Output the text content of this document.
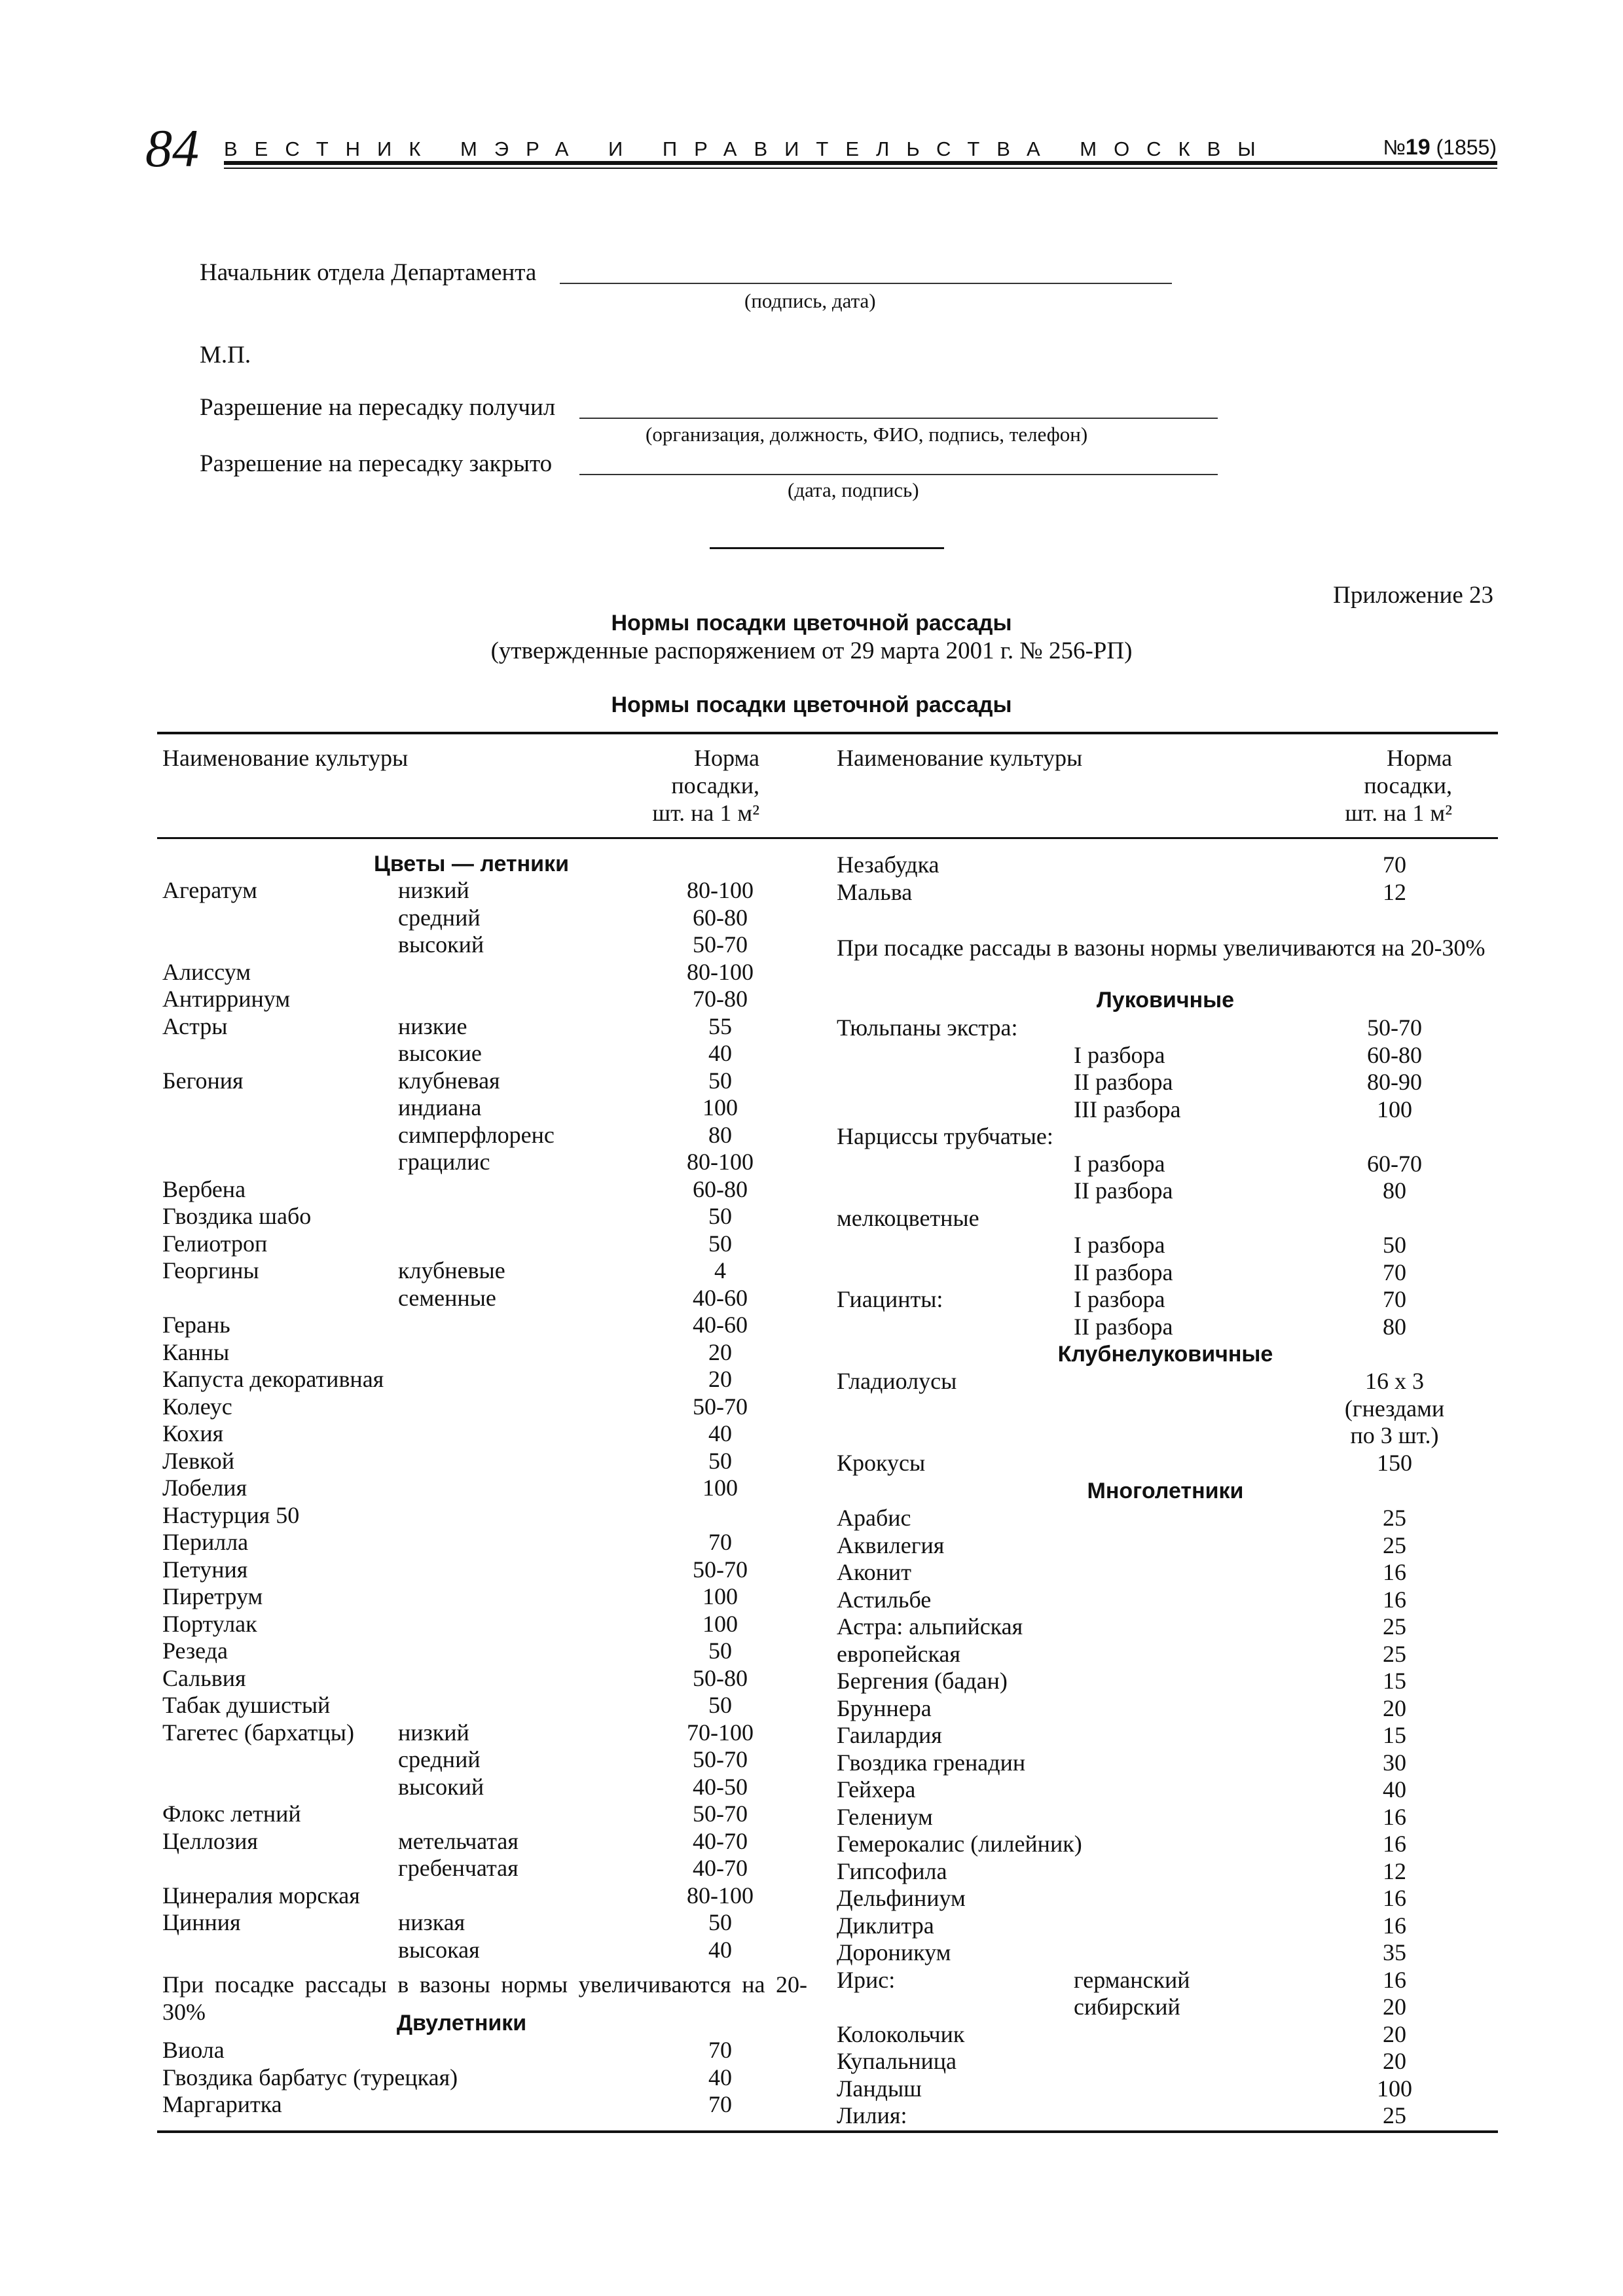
84 ВЕСТНИК МЭРА И ПРАВИТЕЛЬСТВА МОСКВЫ	№19 (1855)
Начальник отдела Департамента
(подпись, дата)
М.П.
Разрешение на пересадку получил
(организация, должность, ФИО, подпись, телефон)
Разрешение на пересадку закрыто
(дата, подпись)
Приложение 23
Нормы посадки цветочной рассады
(утвержденные распоряжением от 29 марта 2001 г. № 256-РП)
Нормы посадки цветочной рассады
Наименование культуры	Норма
посадки,
шт. на 1 м²
Наименование культуры	Норма
посадки,
шт. на 1 м²
Цветы — летники
Двулетники
Луковичные
Клубнелуковичные
Многолетники
При посадке рассады в вазоны нормы увеличиваются на 20-30%
При посадке рассады в вазоны нормы увеличиваются на 20-30%
Агератум	низкий	80-100
средний	60-80
высокий	50-70
Алиссум	80-100
Антирринум	70-80
Астры	низкие	55
высокие	40
Бегония	клубневая	50
индиана	100
симперфлоренс	80
грацилис	80-100
Вербена	60-80
Гвоздика шабо	50
Гелиотроп	50
Георгины	клубневые	4
семенные	40-60
Герань	40-60
Канны	20
Капуста декоративная	20
Колеус	50-70
Кохия	40
Левкой	50
Лобелия	100
Настурция 50
Перилла	70
Петуния	50-70
Пиретрум	100
Портулак	100
Резеда	50
Сальвия	50-80
Табак душистый	50
Тагетес (бархатцы) низкий	70-100
средний	50-70
высокий	40-50
Флокс летний	50-70
Целлозия	метельчатая	40-70
гребенчатая	40-70
Цинералия морская	80-100
Цинния	низкая	50
высокая	40
Виола	70
Гвоздика барбатус (турецкая)	40
Маргаритка	70
Незабудка	70
Мальва	12
Тюльпаны экстра:	50-70
I разбора	60-80
II разбора	80-90
III разбора	100
Нарциссы трубчатые:
I разбора	60-70
II разбора	80
мелкоцветные
I разбора	50
II разбора	70
Гиацинты:	I разбора	70
II разбора	80
Гладиолусы	16 х 3
(гнездами
по 3 шт.)
Крокусы	150
Арабис	25
Аквилегия	25
Аконит	16
Астильбе	16
Астра: альпийская	25
европейская	25
Бергения (бадан)	15
Бруннера	20
Гаилардия	15
Гвоздика гренадин	30
Гейхера	40
Гелениум	16
Гемерокалис (лилейник)	16
Гипсофила	12
Дельфиниум	16
Диклитра	16
Дороникум	35
Ирис:	германский	16
сибирский	20
Колокольчик	20
Купальница	20
Ландыш	100
Лилия:	25
